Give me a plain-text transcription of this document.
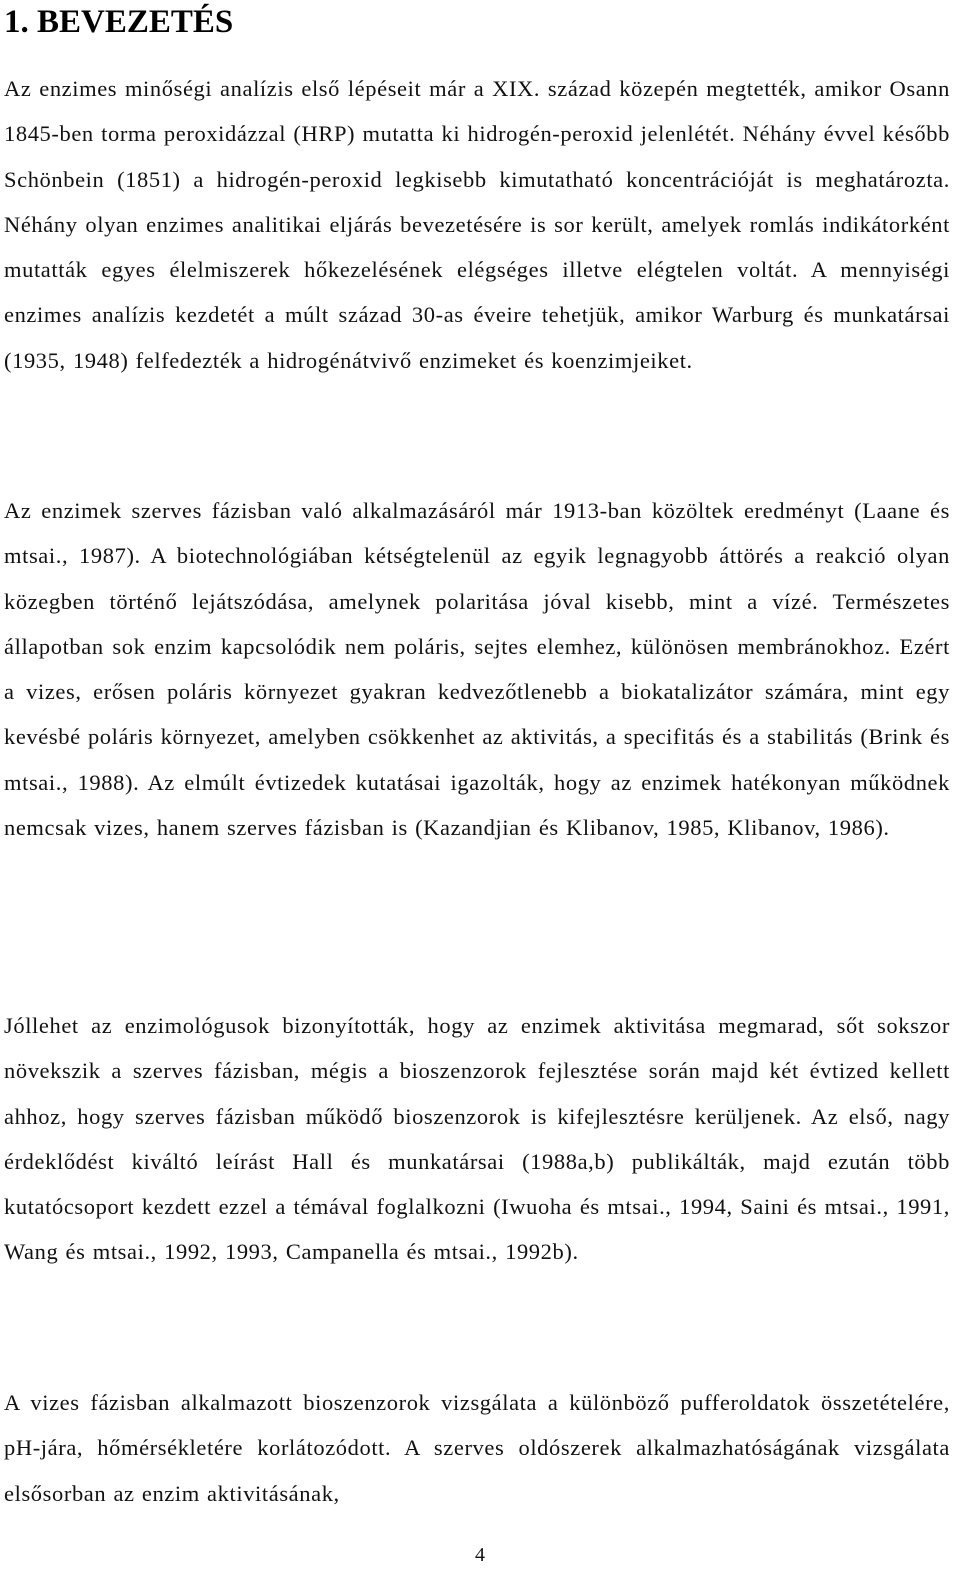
1. BEVEZETÉS

Az enzimes minőségi analízis első lépéseit már a XIX. század közepén megtették, amikor Osann 1845-ben torma peroxidázzal (HRP) mutatta ki hidrogén-peroxid jelenlétét. Néhány évvel később Schönbein (1851) a hidrogén-peroxid legkisebb kimutatható koncentrációját is meghatározta. Néhány olyan enzimes analitikai eljárás bevezetésére is sor került, amelyek romlás indikátorként mutatták egyes élelmiszerek hőkezelésének elégséges illetve elégtelen voltát. A mennyiségi enzimes analízis kezdetét a múlt század 30-as éveire tehetjük, amikor Warburg és munkatársai (1935, 1948) felfedezték a hidrogénátvivő enzimeket és koenzimjeiket.

Az enzimek szerves fázisban való alkalmazásáról már 1913-ban közöltek eredményt (Laane és mtsai., 1987). A biotechnológiában kétségtelenül az egyik legnagyobb áttörés a reakció olyan közegben történő lejátszódása, amelynek polaritása jóval kisebb, mint a vízé. Természetes állapotban sok enzim kapcsolódik nem poláris, sejtes elemhez, különösen membránokhoz. Ezért a vizes, erősen poláris környezet gyakran kedvezőtlenebb a biokatalizátor számára, mint egy kevésbé poláris környezet, amelyben csökkenhet az aktivitás, a specifitás és a stabilitás (Brink és mtsai., 1988). Az elmúlt évtizedek kutatásai igazolták, hogy az enzimek hatékonyan működnek nemcsak vizes, hanem szerves fázisban is (Kazandjian és Klibanov, 1985, Klibanov, 1986).

Jóllehet az enzimológusok bizonyították, hogy az enzimek aktivitása megmarad, sőt sokszor növekszik a szerves fázisban, mégis a bioszenzorok fejlesztése során majd két évtized kellett ahhoz, hogy szerves fázisban működő bioszenzorok is kifejlesztésre kerüljenek. Az első, nagy érdeklődést kiváltó leírást Hall és munkatársai (1988a,b) publikálták, majd ezután több kutatócsoport kezdett ezzel a témával foglalkozni (Iwuoha és mtsai., 1994, Saini és mtsai., 1991, Wang és mtsai., 1992, 1993, Campanella és mtsai., 1992b).

A vizes fázisban alkalmazott bioszenzorok vizsgálata a különböző pufferoldatok összetételére, pH-jára, hőmérsékletére korlátozódott. A szerves oldószerek alkalmazhatóságának vizsgálata elsősorban az enzim aktivitásának,

4
